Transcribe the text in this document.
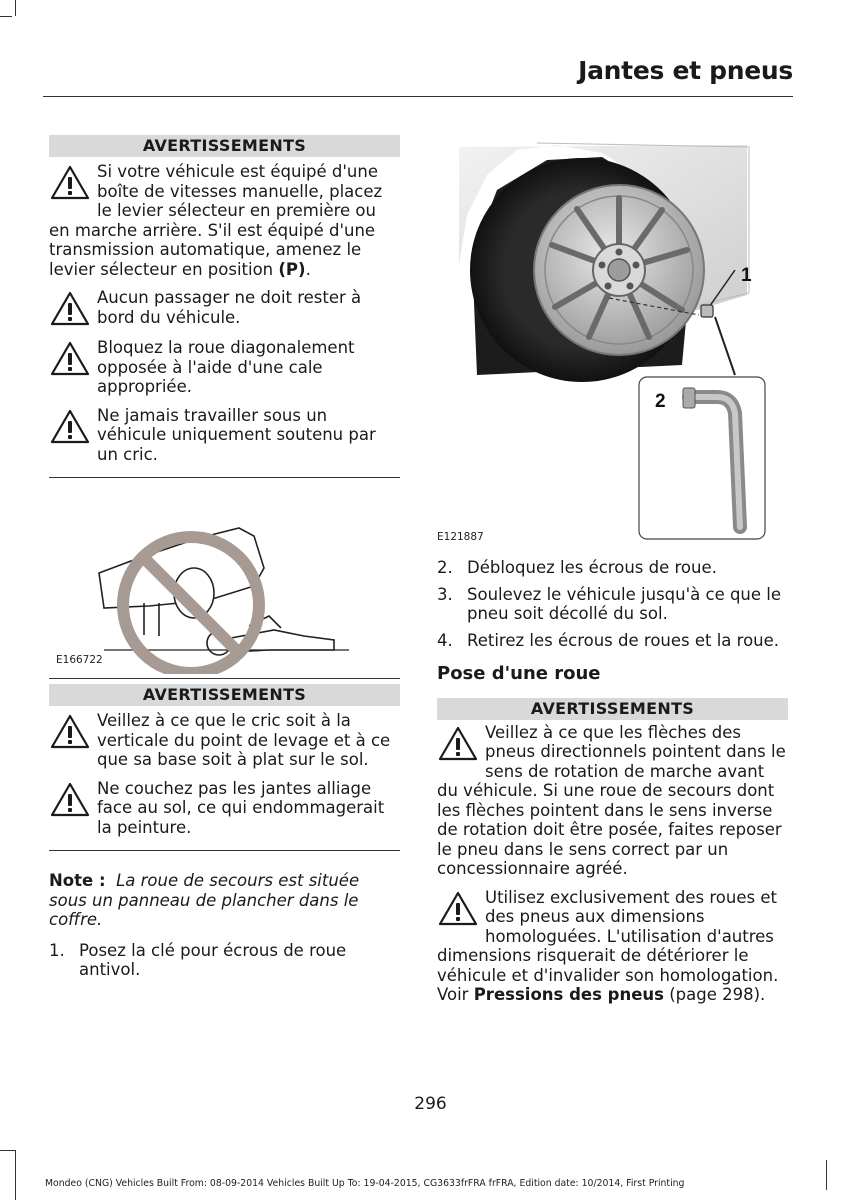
Jantes et pneus
AVERTISSEMENTS

Si votre véhicule est équipé d'une boîte de vitesses manuelle, placez le levier sélecteur en première ou en marche arrière. S'il est équipé d'une transmission automatique, amenez le levier sélecteur en position (P).

Aucun passager ne doit rester à bord du véhicule.

Bloquez la roue diagonalement opposée à l'aide d'une cale appropriée.

Ne jamais travailler sous un véhicule uniquement soutenu par un cric.

E166722
AVERTISSEMENTS

Veillez à ce que le cric soit à la verticale du point de levage et à ce que sa base soit à plat sur le sol.

Ne couchez pas les jantes alliage face au sol, ce qui endommagerait la peinture.

Note : La roue de secours est située sous un panneau de plancher dans le coffre.

1. Posez la clé pour écrous de roue antivol.

1
2
E121887

2. Débloquez les écrous de roue.

3. Soulevez le véhicule jusqu'à ce que le pneu soit décollé du sol.

4. Retirez les écrous de roues et la roue.

Pose d'une roue
AVERTISSEMENTS

Veillez à ce que les flèches des pneus directionnels pointent dans le sens de rotation de marche avant du véhicule. Si une roue de secours dont les flèches pointent dans le sens inverse de rotation doit être posée, faites reposer le pneu dans le sens correct par un concessionnaire agréé.

Utilisez exclusivement des roues et des pneus aux dimensions homologuées. L'utilisation d'autres dimensions risquerait de détériorer le véhicule et d'invalider son homologation. Voir Pressions des pneus (page 298).

296
Mondeo (CNG) Vehicles Built From: 08-09-2014 Vehicles Built Up To: 19-04-2015, CG3633frFRA frFRA, Edition date: 10/2014, First Printing
